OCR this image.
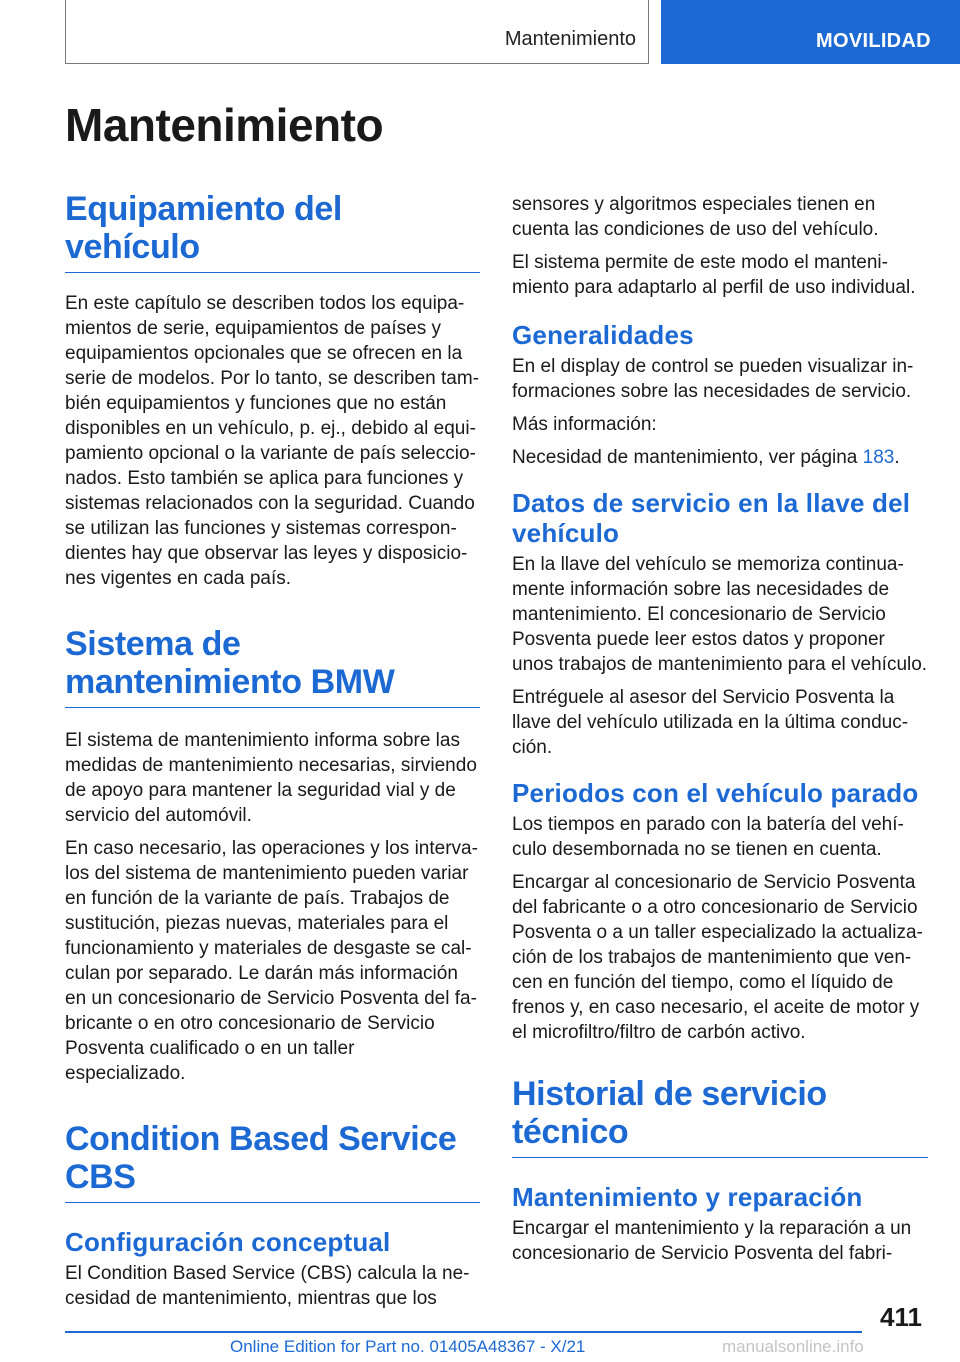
Mantenimiento	MOVILIDAD
Mantenimiento
Equipamiento del vehículo

En este capítulo se describen todos los equipa-mientos de serie, equipamientos de países y equipamientos opcionales que se ofrecen en la serie de modelos. Por lo tanto, se describen tam-bién equipamientos y funciones que no están disponibles en un vehículo, p. ej., debido al equi-pamiento opcional o la variante de país seleccio-nados. Esto también se aplica para funciones y sistemas relacionados con la seguridad. Cuando se utilizan las funciones y sistemas correspon-dientes hay que observar las leyes y disposicio-nes vigentes en cada país.

Sistema de mantenimiento BMW

El sistema de mantenimiento informa sobre las medidas de mantenimiento necesarias, sirviendo de apoyo para mantener la seguridad vial y de servicio del automóvil.

En caso necesario, las operaciones y los interva-los del sistema de mantenimiento pueden variar en función de la variante de país. Trabajos de sustitución, piezas nuevas, materiales para el funcionamiento y materiales de desgaste se cal-culan por separado. Le darán más información en un concesionario de Servicio Posventa del fa-bricante o en otro concesionario de Servicio Posventa cualificado o en un taller especializado.

Condition Based Service CBS
Configuración conceptual

El Condition Based Service (CBS) calcula la ne-cesidad de mantenimiento, mientras que los

sensores y algoritmos especiales tienen en cuenta las condiciones de uso del vehículo.

El sistema permite de este modo el manteni-miento para adaptarlo al perfil de uso individual.

Generalidades

En el display de control se pueden visualizar in-formaciones sobre las necesidades de servicio.

Más información:

Necesidad de mantenimiento, ver página 183.

Datos de servicio en la llave del vehículo

En la llave del vehículo se memoriza continua-mente información sobre las necesidades de mantenimiento. El concesionario de Servicio Posventa puede leer estos datos y proponer unos trabajos de mantenimiento para el vehículo.

Entréguele al asesor del Servicio Posventa la llave del vehículo utilizada en la última conduc-ción.

Periodos con el vehículo parado

Los tiempos en parado con la batería del vehí-culo desembornada no se tienen en cuenta.

Encargar al concesionario de Servicio Posventa del fabricante o a otro concesionario de Servicio Posventa o a un taller especializado la actualiza-ción de los trabajos de mantenimiento que ven-cen en función del tiempo, como el líquido de frenos y, en caso necesario, el aceite de motor y el microfiltro/filtro de carbón activo.

Historial de servicio técnico
Mantenimiento y reparación

Encargar el mantenimiento y la reparación a un concesionario de Servicio Posventa del fabri-

411
Online Edition for Part no. 01405A48367 - X/21	manualsonline.info
